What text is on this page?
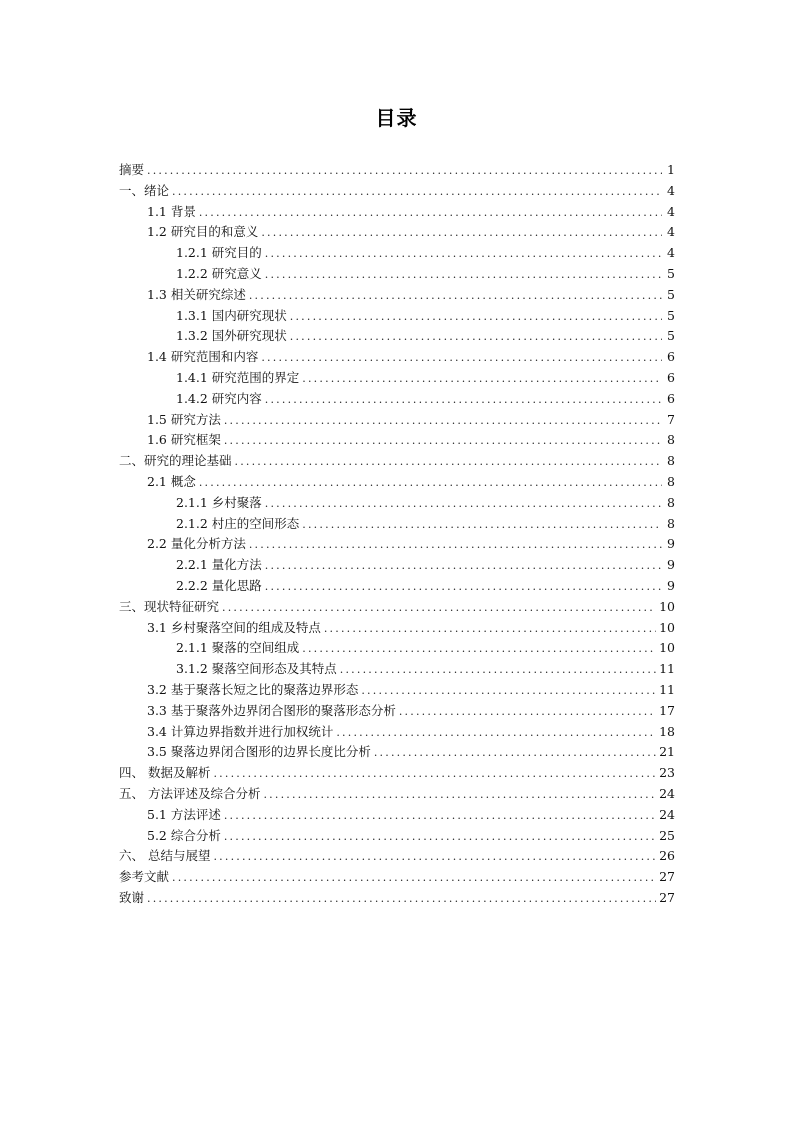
目录
摘要 .....	1
一、绪论 .....	4
1.1 背景 .....	4
1.2 研究目的和意义 .....	4
1.2.1 研究目的 .....	4
1.2.2 研究意义 .....	5
1.3 相关研究综述 .....	5
1.3.1 国内研究现状 .....	5
1.3.2 国外研究现状 .....	5
1.4 研究范围和内容 .....	6
1.4.1 研究范围的界定 .....	6
1.4.2 研究内容 .....	6
1.5 研究方法 .....	7
1.6 研究框架 .....	8
二、研究的理论基础 .....	8
2.1 概念 .....	8
2.1.1 乡村聚落 .....	8
2.1.2 村庄的空间形态 .....	8
2.2 量化分析方法 .....	9
2.2.1 量化方法 .....	9
2.2.2 量化思路 .....	9
三、现状特征研究 .....	10
3.1 乡村聚落空间的组成及特点 .....	10
2.1.1 聚落的空间组成 .....	10
3.1.2 聚落空间形态及其特点 .....	11
3.2 基于聚落长短之比的聚落边界形态 .....	11
3.3 基于聚落外边界闭合图形的聚落形态分析 .....	17
3.4 计算边界指数并进行加权统计 .....	18
3.5 聚落边界闭合图形的边界长度比分析 .....	21
四、 数据及解析 .....	23
五、 方法评述及综合分析 .....	24
5.1 方法评述 .....	24
5.2 综合分析 .....	25
六、 总结与展望 .....	26
参考文献 .....	27
致谢 .....	27
